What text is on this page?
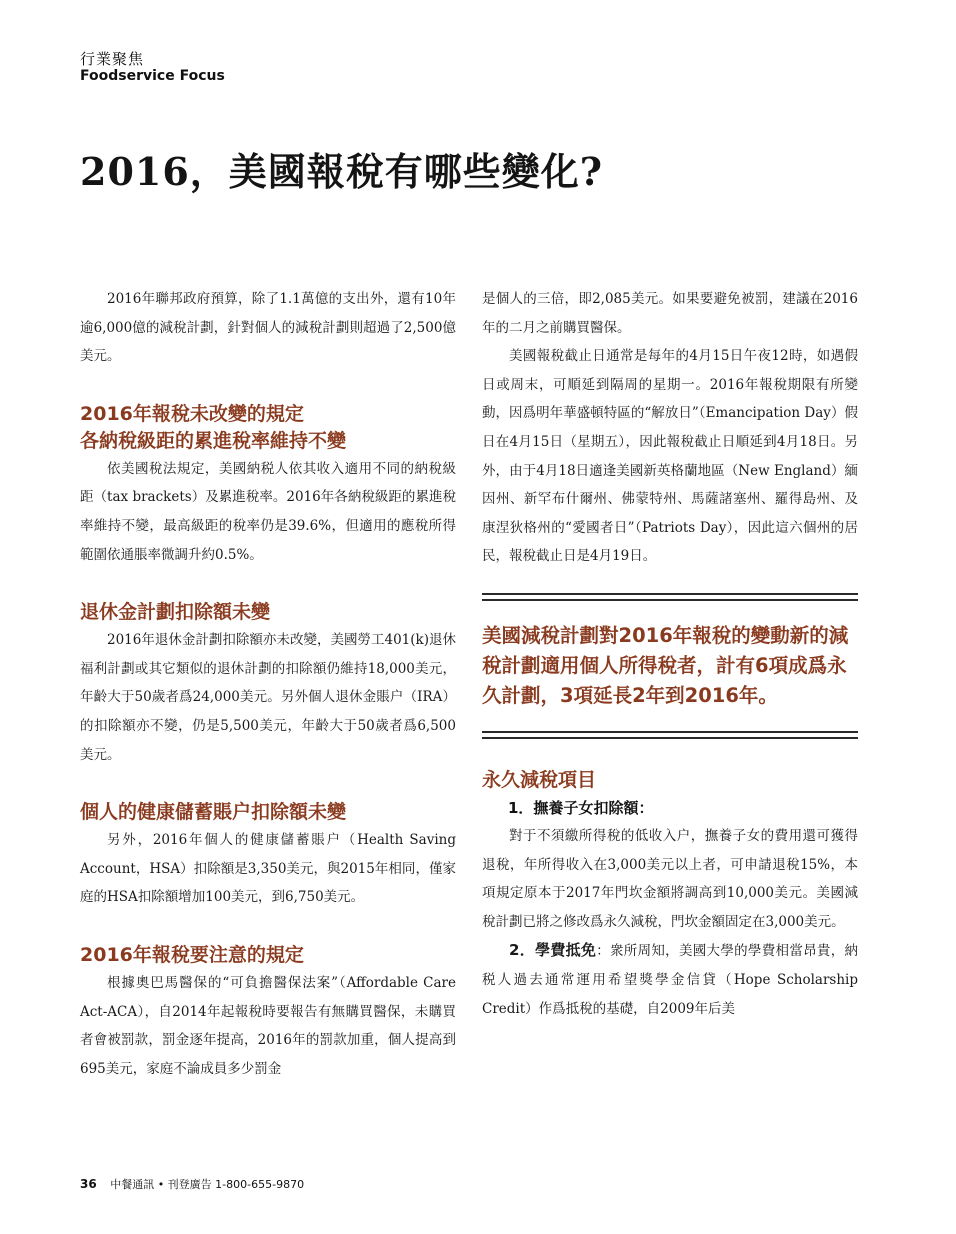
行業聚焦
Foodservice Focus
2016，美國報稅有哪些變化?

2016年聯邦政府預算，除了1.1萬億的支出外，還有10年逾6,000億的減稅計劃，針對個人的減稅計劃則超過了2,500億美元。

2016年報稅未改變的規定
各納稅級距的累進稅率維持不變

依美國稅法規定，美國納税人依其收入適用不同的納稅級距（tax brackets）及累進稅率。2016年各納稅級距的累進稅率維持不變，最高級距的稅率仍是39.6%，但適用的應稅所得範圍依通脹率微調升約0.5%。

退休金計劃扣除額未變

2016年退休金計劃扣除額亦未改變，美國勞工401(k)退休福利計劃或其它類似的退休計劃的扣除額仍維持18,000美元，年齡大于50歲者爲24,000美元。另外個人退休金賬户（IRA）的扣除額亦不變，仍是5,500美元，年齡大于50歲者爲6,500美元。

個人的健康儲蓄賬户扣除額未變

另外，2016年個人的健康儲蓄賬户（Health Saving Account，HSA）扣除額是3,350美元，與2015年相同，僅家庭的HSA扣除額增加100美元，到6,750美元。

2016年報稅要注意的規定

根據奧巴馬醫保的“可負擔醫保法案”（Affordable Care Act-ACA），自2014年起報稅時要報告有無購買醫保，未購買者會被罰款，罰金逐年提高，2016年的罰款加重，個人提高到695美元，家庭不論成員多少罰金

是個人的三倍，即2,085美元。如果要避免被罰，建議在2016年的二月之前購買醫保。

美國報稅截止日通常是每年的4月15日午夜12時，如遇假日或周末，可順延到隔周的星期一。2016年報稅期限有所變動，因爲明年華盛頓特區的“解放日”（Emancipation Day）假日在4月15日（星期五），因此報稅截止日順延到4月18日。另外，由于4月18日適逢美國新英格蘭地區（New England）緬因州、新罕布什爾州、佛蒙特州、馬薩諸塞州、羅得島州、及康涅狄格州的“愛國者日”（Patriots Day），因此這六個州的居民，報稅截止日是4月19日。

美國減稅計劃對2016年報稅的變動新的減稅計劃適用個人所得稅者，計有6項成爲永久計劃，3項延長2年到2016年。

永久減稅項目

1．撫養子女扣除額：

對于不須繳所得稅的低收入户，撫養子女的費用還可獲得退稅，年所得收入在3,000美元以上者，可申請退稅15%，本項規定原本于2017年門坎金額將調高到10,000美元。美國減稅計劃已將之修改爲永久減稅，門坎金額固定在3,000美元。

2．學費抵免：衆所周知，美國大學的學費相當昂貴，納税人過去通常運用希望獎學金信貸（Hope Scholarship Credit）作爲抵稅的基礎，自2009年后美

36 中餐通訊 • 刊登廣告 1-800-655-9870
